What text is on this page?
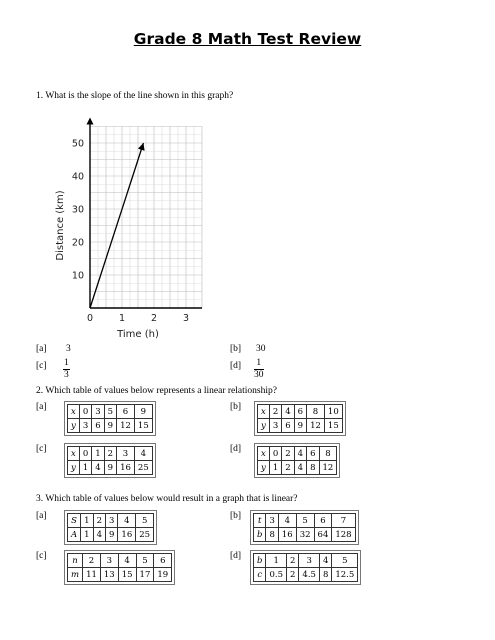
Grade 8 Math Test Review
1. What is the slope of the line shown in this graph?
10
20
30
40
50
0	1	2	3
Time (h)
Distance (km)
[a] 3	[b] 30
$[c] \frac{1}{3}$	$[d] \frac{1}{30}$
2. Which table of values below represents a linear relationship?
[a]	x	0	3	5	6	9
y	3	6	9	12	15
[b] x	2	4	6	8	10
y	3	6	9	12	15
[c]	x	0	1	2	3	4
y	1	4	9	16	25
[d] x	0	2	4	6	8
y	1	2	4	8	12
3. Which table of values below would result in a graph that is linear?
[a]	S	1	2	3	4	5
A	1	4	9	16	25
[b] t	3	4	5	6	7
b	8	16	32	64	128
[c]	n	2	3	4	5	6
m	11	13	15	17	19
[d] b	1	2	3	4	5
c	0.5	2	4.5	8	12.5
